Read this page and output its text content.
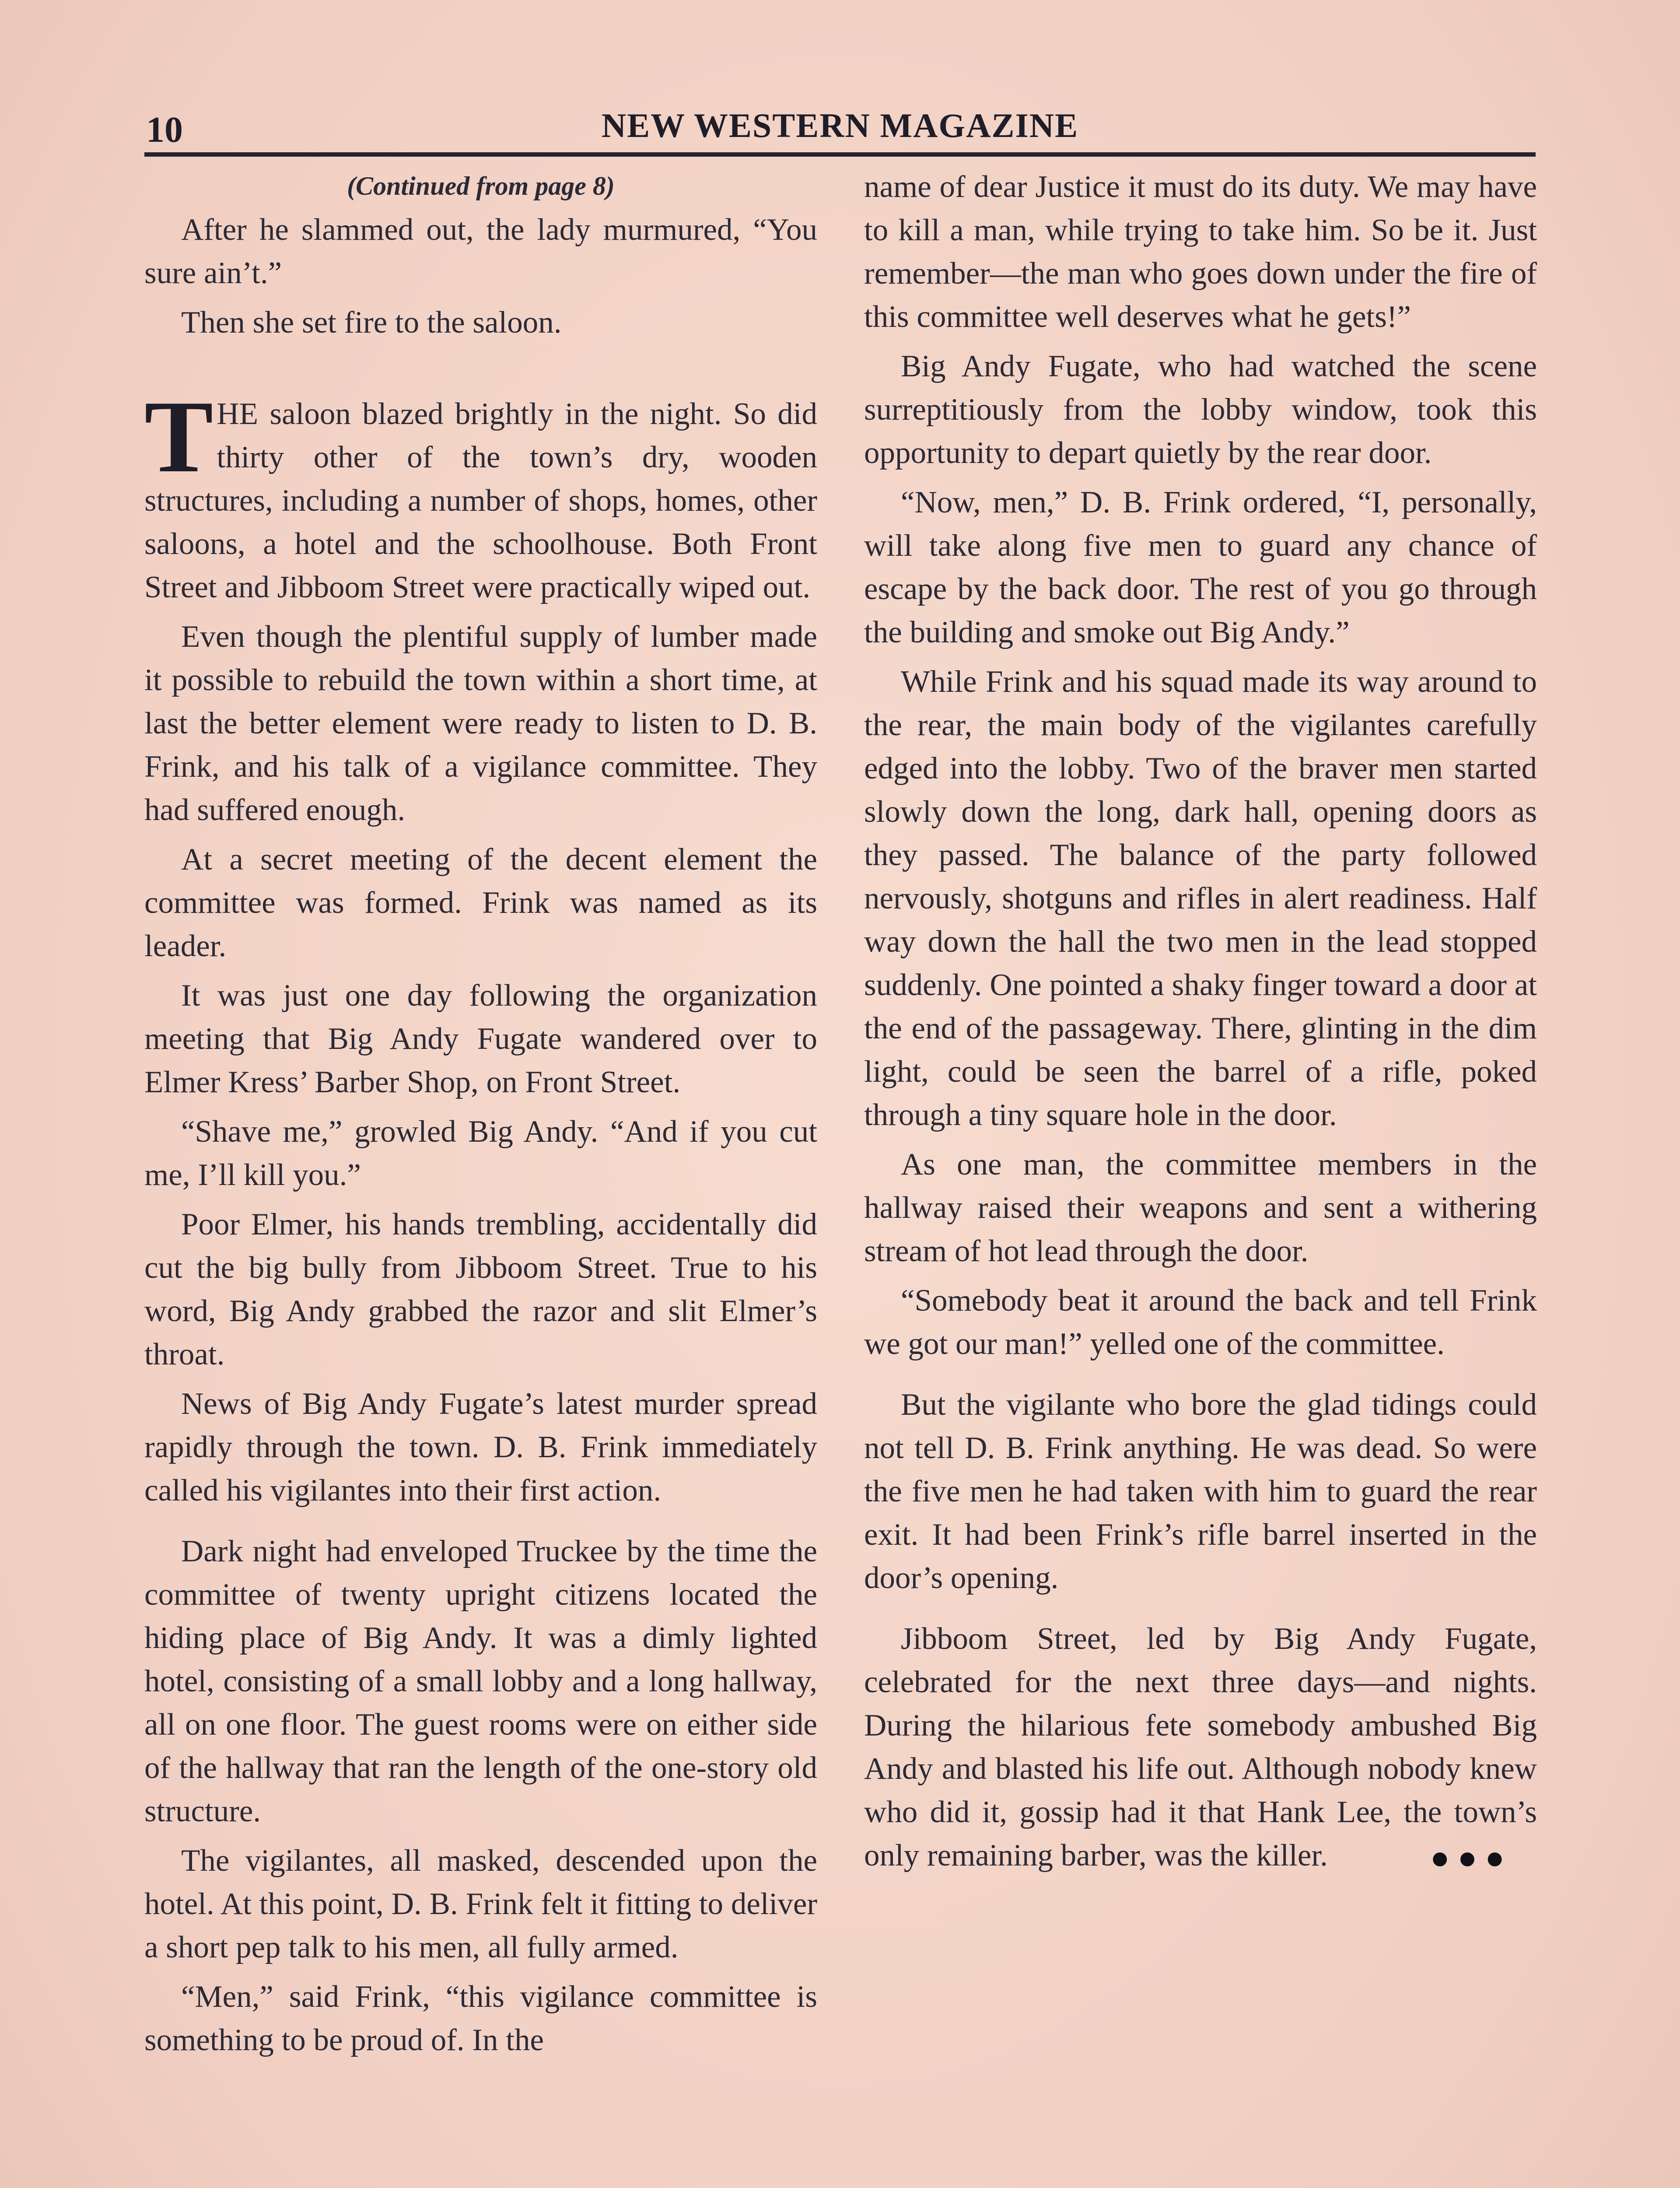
10	NEW WESTERN MAGAZINE
(Continued from page 8)

After he slammed out, the lady murmured, “You sure ain’t.”

Then she set fire to the saloon.

THE saloon blazed brightly in the night. So did thirty other of the town’s dry, wooden structures, including a number of shops, homes, other saloons, a hotel and the schoolhouse. Both Front Street and Jibboom Street were practically wiped out.

Even though the plentiful supply of lumber made it possible to rebuild the town within a short time, at last the better element were ready to listen to D. B. Frink, and his talk of a vigilance committee. They had suffered enough.

At a secret meeting of the decent element the committee was formed. Frink was named as its leader.

It was just one day following the organization meeting that Big Andy Fugate wandered over to Elmer Kress’ Barber Shop, on Front Street.

“Shave me,” growled Big Andy. “And if you cut me, I’ll kill you.”

Poor Elmer, his hands trembling, accidentally did cut the big bully from Jibboom Street. True to his word, Big Andy grabbed the razor and slit Elmer’s throat.

News of Big Andy Fugate’s latest murder spread rapidly through the town. D. B. Frink immediately called his vigilantes into their first action.

Dark night had enveloped Truckee by the time the committee of twenty upright citizens located the hiding place of Big Andy. It was a dimly lighted hotel, consisting of a small lobby and a long hallway, all on one floor. The guest rooms were on either side of the hallway that ran the length of the one-story old structure.

The vigilantes, all masked, descended upon the hotel. At this point, D. B. Frink felt it fitting to deliver a short pep talk to his men, all fully armed.

“Men,” said Frink, “this vigilance committee is something to be proud of. In the

name of dear Justice it must do its duty. We may have to kill a man, while trying to take him. So be it. Just remember—the man who goes down under the fire of this committee well deserves what he gets!”

Big Andy Fugate, who had watched the scene surreptitiously from the lobby window, took this opportunity to depart quietly by the rear door.

“Now, men,” D. B. Frink ordered, “I, personally, will take along five men to guard any chance of escape by the back door. The rest of you go through the building and smoke out Big Andy.”

While Frink and his squad made its way around to the rear, the main body of the vigilantes carefully edged into the lobby. Two of the braver men started slowly down the long, dark hall, opening doors as they passed. The balance of the party followed nervously, shotguns and rifles in alert readiness. Half way down the hall the two men in the lead stopped suddenly. One pointed a shaky finger toward a door at the end of the passageway. There, glinting in the dim light, could be seen the barrel of a rifle, poked through a tiny square hole in the door.

As one man, the committee members in the hallway raised their weapons and sent a withering stream of hot lead through the door.

“Somebody beat it around the back and tell Frink we got our man!” yelled one of the committee.

But the vigilante who bore the glad tidings could not tell D. B. Frink anything. He was dead. So were the five men he had taken with him to guard the rear exit. It had been Frink’s rifle barrel inserted in the door’s opening.

Jibboom Street, led by Big Andy Fugate, celebrated for the next three days—and nights. During the hilarious fete somebody ambushed Big Andy and blasted his life out. Although nobody knew who did it, gossip had it that Hank Lee, the town’s only remaining barber, was the killer.	●●●
